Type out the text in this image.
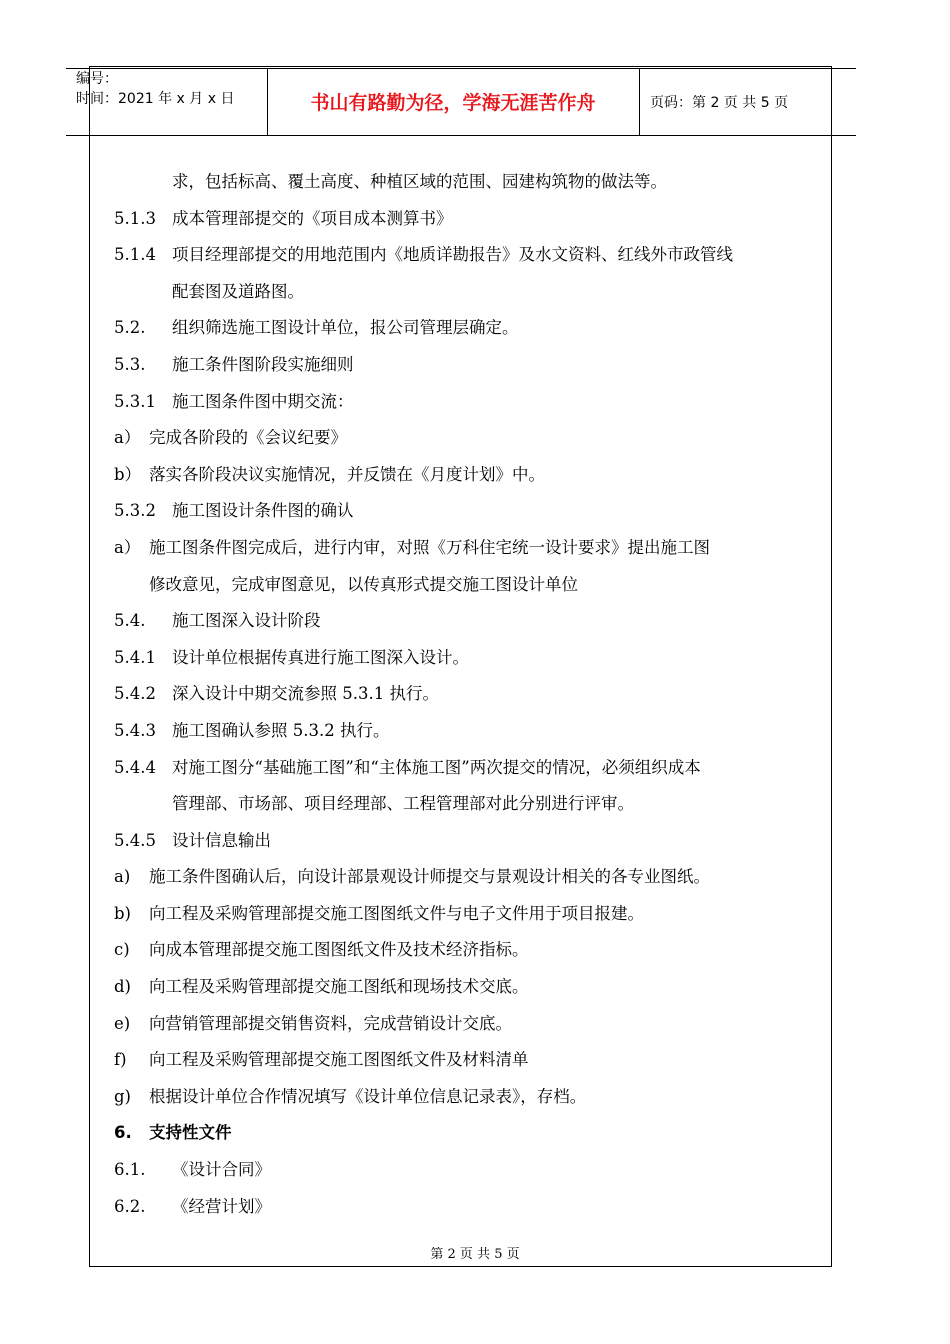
编号：
时间：2021 年 x 月 x 日	书山有路勤为径，学海无涯苦作舟	页码：第 2 页 共 5 页
求，包括标高、覆土高度、种植区域的范围、园建构筑物的做法等。
5.1.3 成本管理部提交的《项目成本测算书》
5.1.4 项目经理部提交的用地范围内《地质详勘报告》及水文资料、红线外市政管线
配套图及道路图。
5.2. 组织筛选施工图设计单位，报公司管理层确定。
5.3. 施工条件图阶段实施细则
5.3.1 施工图条件图中期交流：
a） 完成各阶段的《会议纪要》
b） 落实各阶段决议实施情况，并反馈在《月度计划》中。
5.3.2 施工图设计条件图的确认
a） 施工图条件图完成后，进行内审，对照《万科住宅统一设计要求》提出施工图
修改意见，完成审图意见，以传真形式提交施工图设计单位
5.4. 施工图深入设计阶段
5.4.1 设计单位根据传真进行施工图深入设计。
5.4.2 深入设计中期交流参照 5.3.1 执行。
5.4.3 施工图确认参照 5.3.2 执行。
5.4.4 对施工图分“基础施工图”和“主体施工图”两次提交的情况，必须组织成本
管理部、市场部、项目经理部、工程管理部对此分别进行评审。
5.4.5 设计信息输出
a) 施工条件图确认后，向设计部景观设计师提交与景观设计相关的各专业图纸。
b) 向工程及采购管理部提交施工图图纸文件与电子文件用于项目报建。
c) 向成本管理部提交施工图图纸文件及技术经济指标。
d) 向工程及采购管理部提交施工图纸和现场技术交底。
e) 向营销管理部提交销售资料，完成营销设计交底。
f) 向工程及采购管理部提交施工图图纸文件及材料清单
g) 根据设计单位合作情况填写《设计单位信息记录表》，存档。
6. 支持性文件
6.1. 《设计合同》
6.2. 《经营计划》
第 2 页 共 5 页
